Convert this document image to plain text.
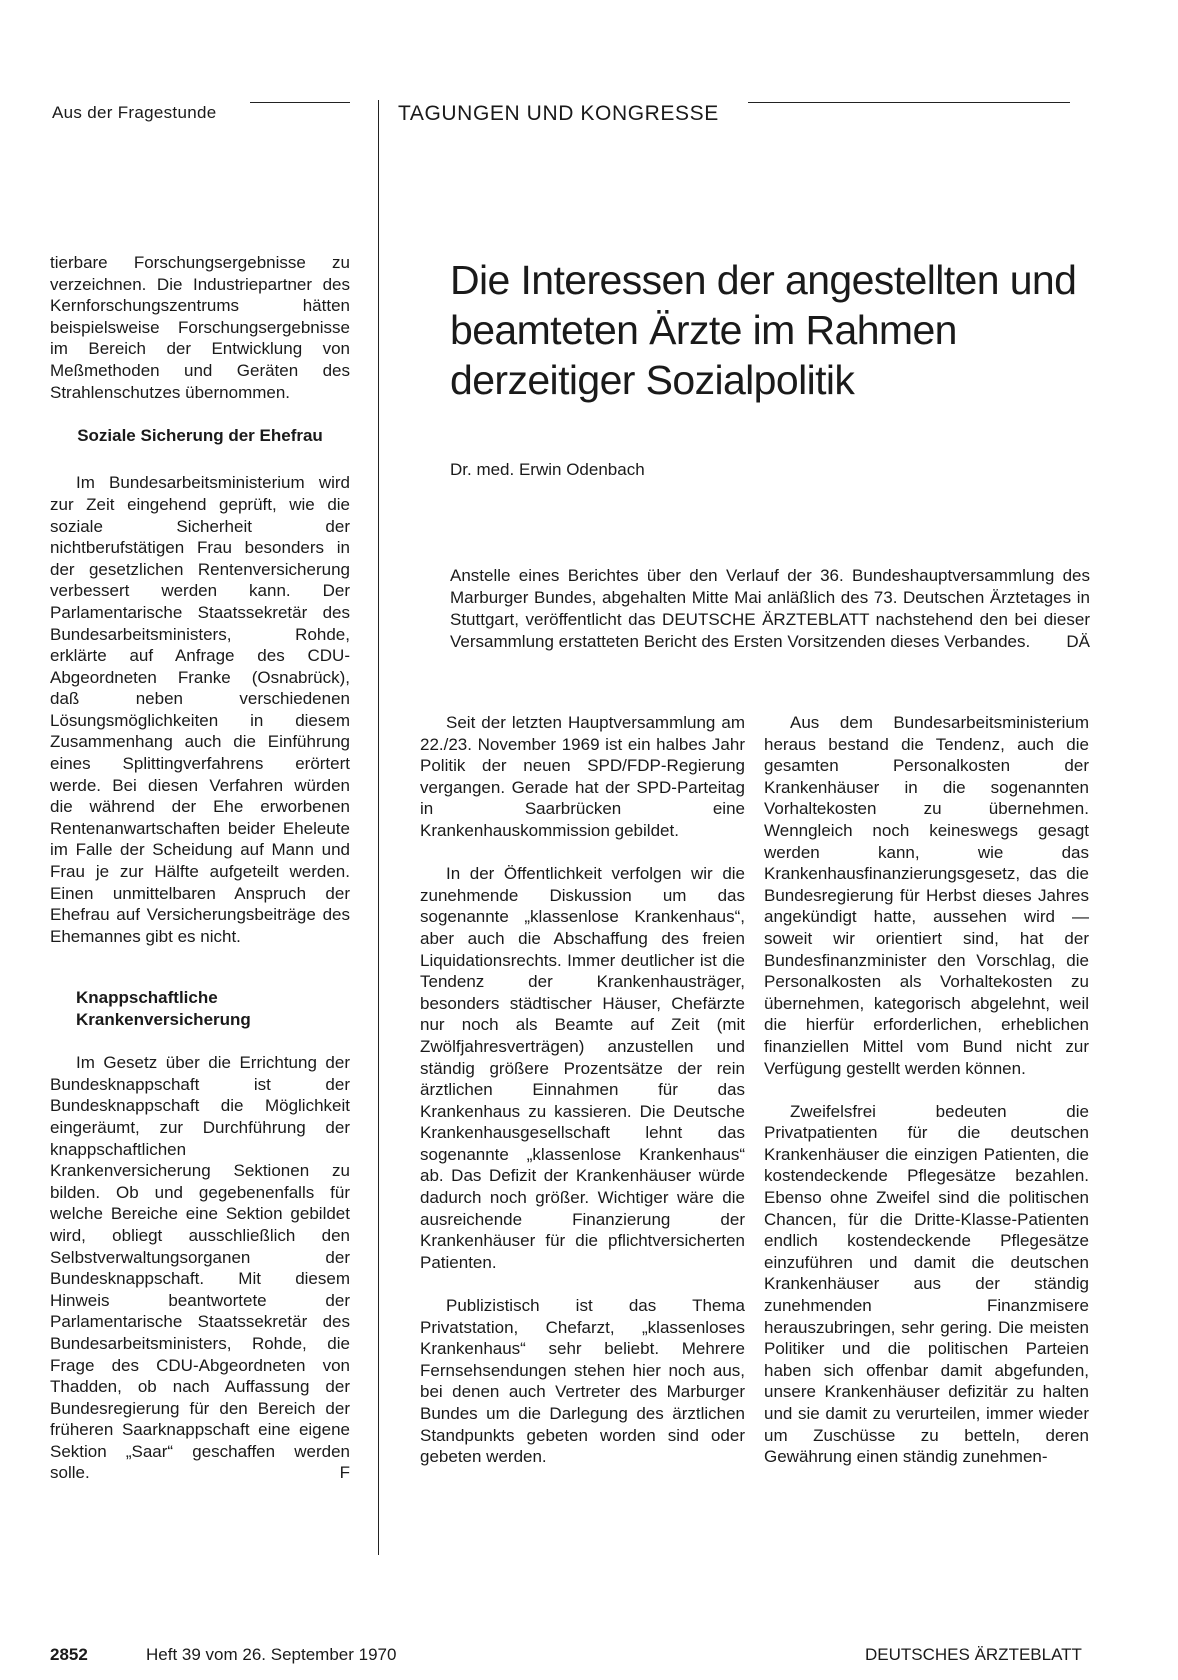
Aus der Fragestunde	TAGUNGEN UND KONGRESSE

tierbare Forschungsergebnisse zu verzeichnen. Die Industriepartner des Kernforschungszentrums hätten beispielsweise Forschungsergebnisse im Bereich der Entwicklung von Meßmethoden und Geräten des Strahlenschutzes übernommen.

Soziale Sicherung der Ehefrau

Im Bundesarbeitsministerium wird zur Zeit eingehend geprüft, wie die soziale Sicherheit der nichtberufstätigen Frau besonders in der gesetzlichen Rentenversicherung verbessert werden kann. Der Parlamentarische Staatssekretär des Bundesarbeitsministers, Rohde, erklärte auf Anfrage des CDU-Abgeordneten Franke (Osnabrück), daß neben verschiedenen Lösungsmöglichkeiten in diesem Zusammenhang auch die Einführung eines Splittingverfahrens erörtert werde. Bei diesen Verfahren würden die während der Ehe erworbenen Rentenanwartschaften beider Eheleute im Falle der Scheidung auf Mann und Frau je zur Hälfte aufgeteilt werden. Einen unmittelbaren Anspruch der Ehefrau auf Versicherungsbeiträge des Ehemannes gibt es nicht.

Knappschaftliche Krankenversicherung

Im Gesetz über die Errichtung der Bundesknappschaft ist der Bundesknappschaft die Möglichkeit eingeräumt, zur Durchführung der knappschaftlichen Krankenversicherung Sektionen zu bilden. Ob und gegebenenfalls für welche Bereiche eine Sektion gebildet wird, obliegt ausschließlich den Selbstverwaltungsorganen der Bundesknappschaft. Mit diesem Hinweis beantwortete der Parlamentarische Staatssekretär des Bundesarbeitsministers, Rohde, die Frage des CDU-Abgeordneten von Thadden, ob nach Auffassung der Bundesregierung für den Bereich der früheren Saarknappschaft eine eigene Sektion „Saar“ geschaffen werden solle.	F
Die Interessen der angestellten und beamteten Ärzte im Rahmen derzeitiger Sozialpolitik
Dr. med. Erwin Odenbach
Anstelle eines Berichtes über den Verlauf der 36. Bundeshauptversammlung des Marburger Bundes, abgehalten Mitte Mai anläßlich des 73. Deutschen Ärztetages in Stuttgart, veröffentlicht das DEUTSCHE ÄRZTEBLATT nachstehend den bei dieser Versammlung erstatteten Bericht des Ersten Vorsitzenden dieses Verbandes. DÄ

Seit der letzten Hauptversammlung am 22./23. November 1969 ist ein halbes Jahr Politik der neuen SPD/FDP-Regierung vergangen. Gerade hat der SPD-Parteitag in Saarbrücken eine Krankenhauskommission gebildet.

In der Öffentlichkeit verfolgen wir die zunehmende Diskussion um das sogenannte „klassenlose Krankenhaus“, aber auch die Abschaffung des freien Liquidationsrechts. Immer deutlicher ist die Tendenz der Krankenhausträger, besonders städtischer Häuser, Chefärzte nur noch als Beamte auf Zeit (mit Zwölfjahresverträgen) anzustellen und ständig größere Prozentsätze der rein ärztlichen Einnahmen für das Krankenhaus zu kassieren. Die Deutsche Krankenhausgesellschaft lehnt das sogenannte „klassenlose Krankenhaus“ ab. Das Defizit der Krankenhäuser würde dadurch noch größer. Wichtiger wäre die ausreichende Finanzierung der Krankenhäuser für die pflichtversicherten Patienten.

Publizistisch ist das Thema Privatstation, Chefarzt, „klassenloses Krankenhaus“ sehr beliebt. Mehrere Fernsehsendungen stehen hier noch aus, bei denen auch Vertreter des Marburger Bundes um die Darlegung des ärztlichen Standpunkts gebeten worden sind oder gebeten werden.

Aus dem Bundesarbeitsministerium heraus bestand die Tendenz, auch die gesamten Personalkosten der Krankenhäuser in die sogenannten Vorhaltekosten zu übernehmen. Wenngleich noch keineswegs gesagt werden kann, wie das Krankenhausfinanzierungsgesetz, das die Bundesregierung für Herbst dieses Jahres angekündigt hatte, aussehen wird — soweit wir orientiert sind, hat der Bundesfinanzminister den Vorschlag, die Personalkosten als Vorhaltekosten zu übernehmen, kategorisch abgelehnt, weil die hierfür erforderlichen, erheblichen finanziellen Mittel vom Bund nicht zur Verfügung gestellt werden können.

Zweifelsfrei bedeuten die Privatpatienten für die deutschen Krankenhäuser die einzigen Patienten, die kostendeckende Pflegesätze bezahlen. Ebenso ohne Zweifel sind die politischen Chancen, für die Dritte-Klasse-Patienten endlich kostendeckende Pflegesätze einzuführen und damit die deutschen Krankenhäuser aus der ständig zunehmenden Finanzmisere herauszubringen, sehr gering. Die meisten Politiker und die politischen Parteien haben sich offenbar damit abgefunden, unsere Krankenhäuser defizitär zu halten und sie damit zu verurteilen, immer wieder um Zuschüsse zu betteln, deren Gewährung einen ständig zunehmen-

2852	Heft 39 vom 26. September 1970	DEUTSCHES ÄRZTEBLATT
